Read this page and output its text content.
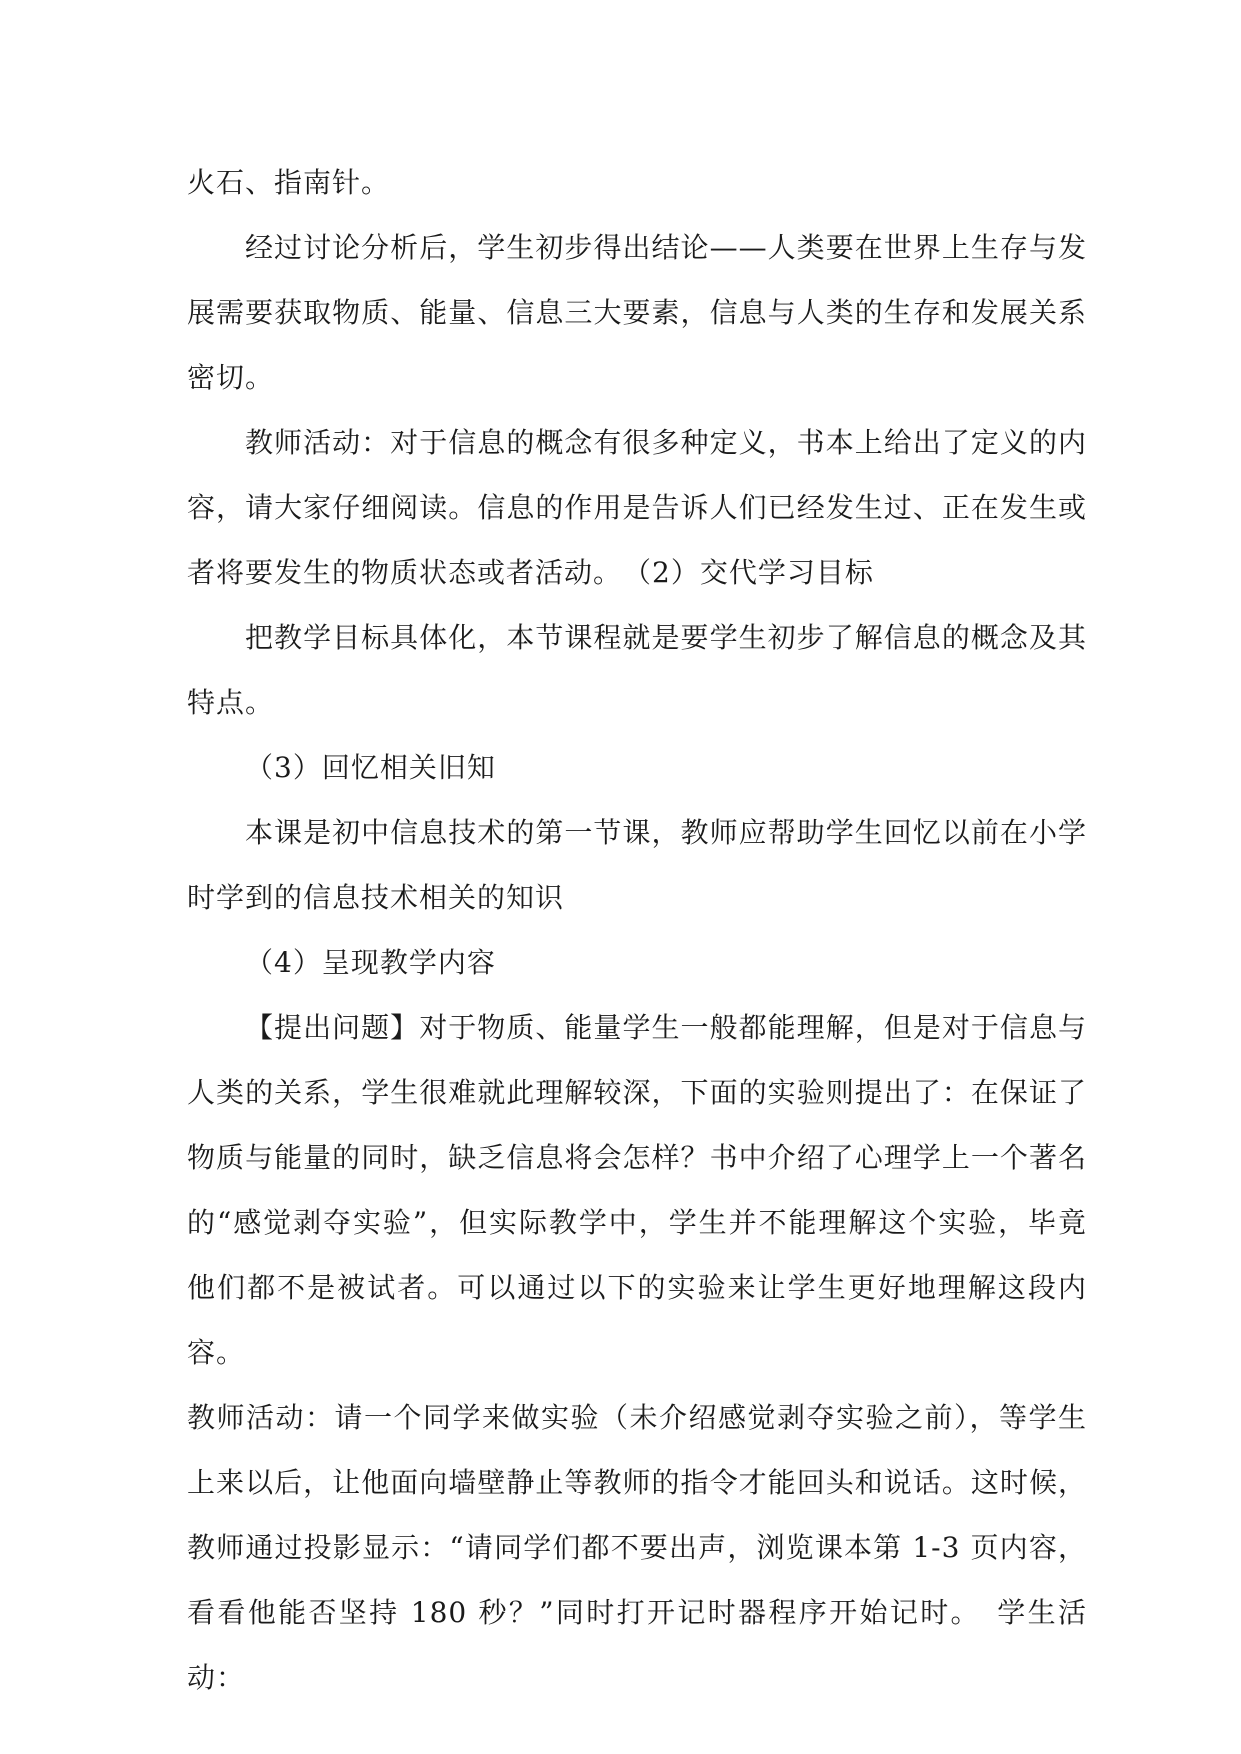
火石、指南针。

经过讨论分析后，学生初步得出结论——人类要在世界上生存与发展需要获取物质、能量、信息三大要素，信息与人类的生存和发展关系密切。

教师活动：对于信息的概念有很多种定义，书本上给出了定义的内容，请大家仔细阅读。信息的作用是告诉人们已经发生过、正在发生或者将要发生的物质状态或者活动。　（2）交代学习目标

把教学目标具体化，本节课程就是要学生初步了解信息的概念及其特点。

（3）回忆相关旧知

本课是初中信息技术的第一节课，教师应帮助学生回忆以前在小学时学到的信息技术相关的知识

（4）呈现教学内容

【提出问题】对于物质、能量学生一般都能理解，但是对于信息与人类的关系，学生很难就此理解较深，下面的实验则提出了：在保证了物质与能量的同时，缺乏信息将会怎样？书中介绍了心理学上一个著名的“感觉剥夺实验”，但实际教学中，学生并不能理解这个实验，毕竟他们都不是被试者。可以通过以下的实验来让学生更好地理解这段内容。

教师活动：请一个同学来做实验（未介绍感觉剥夺实验之前），等学生上来以后，让他面向墙壁静止等教师的指令才能回头和说话。这时候，教师通过投影显示：“请同学们都不要出声，浏览课本第 1-3 页内容，看看他能否坚持 180 秒？”同时打开记时器程序开始记时。　学生活动：
